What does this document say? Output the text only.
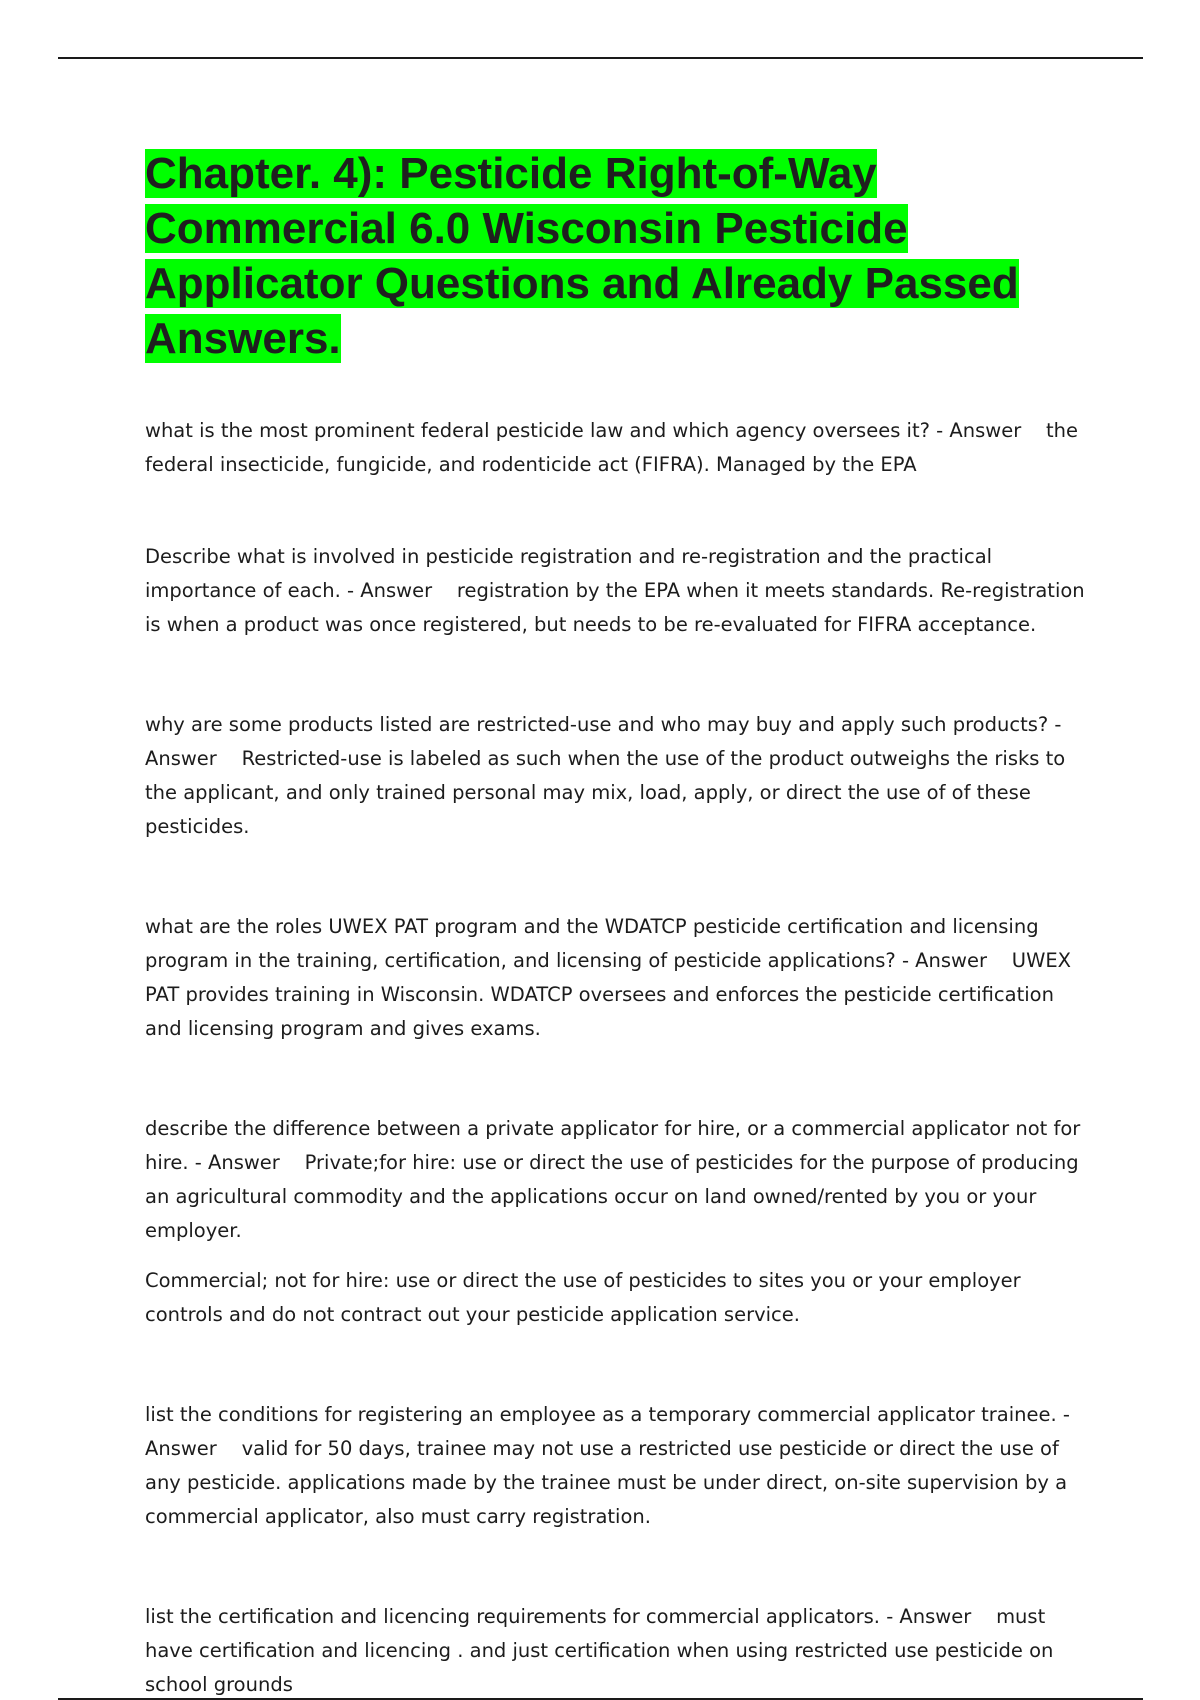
Chapter. 4): Pesticide Right-of-Way Commercial 6.0 Wisconsin Pesticide Applicator Questions and Already Passed Answers.

what is the most prominent federal pesticide law and which agency oversees it? - Answer the federal insecticide, fungicide, and rodenticide act (FIFRA). Managed by the EPA

Describe what is involved in pesticide registration and re-registration and the practical importance of each. - Answer registration by the EPA when it meets standards. Re-registration is when a product was once registered, but needs to be re-evaluated for FIFRA acceptance.

why are some products listed are restricted-use and who may buy and apply such products? - Answer Restricted-use is labeled as such when the use of the product outweighs the risks to the applicant, and only trained personal may mix, load, apply, or direct the use of of these pesticides.

what are the roles UWEX PAT program and the WDATCP pesticide certification and licensing program in the training, certification, and licensing of pesticide applications? - Answer UWEX PAT provides training in Wisconsin. WDATCP oversees and enforces the pesticide certification and licensing program and gives exams.

describe the difference between a private applicator for hire, or a commercial applicator not for hire. - Answer Private;for hire: use or direct the use of pesticides for the purpose of producing an agricultural commodity and the applications occur on land owned/rented by you or your employer.

Commercial; not for hire: use or direct the use of pesticides to sites you or your employer controls and do not contract out your pesticide application service.

list the conditions for registering an employee as a temporary commercial applicator trainee. - Answer valid for 50 days, trainee may not use a restricted use pesticide or direct the use of any pesticide. applications made by the trainee must be under direct, on-site supervision by a commercial applicator, also must carry registration.

list the certification and licencing requirements for commercial applicators. - Answer must have certification and licencing . and just certification when using restricted use pesticide on school grounds
